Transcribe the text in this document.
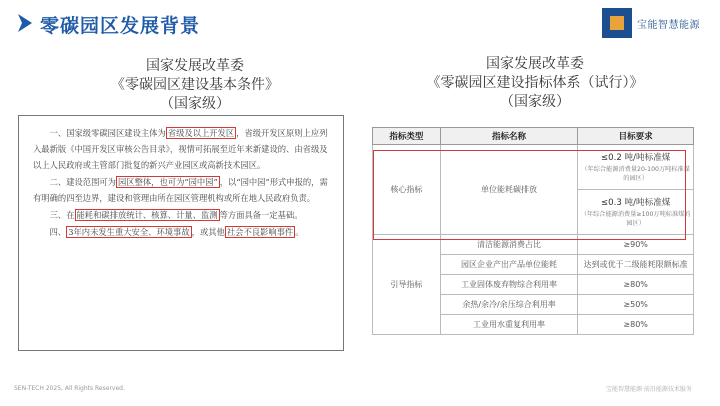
零碳园区发展背景	宝能智慧能源
国家发展改革委
《零碳园区建设基本条件》
（国家级）
一、国家级零碳园区建设主体为 省级及以上开发区 ，省级开发区原则上应列入最新版《中国开发区审核公告目录》，视情可拓展至近年来新建设的、由省级及以上人民政府或主管部门批复的新兴产业园区或高新技术园区。
二、建设范围可为 园区整体，也可为“园中园” ，以“园中园”形式申报的，需有明确的四至边界，建设和管理由所在园区管理机构或所在地人民政府负责。
三、在 能耗和碳排放统计、核算、计量、监测 等方面具备一定基础。
四、 3年内未发生重大安全、环境事故 ，或其他 社会不良影响事件 。
国家发展改革委
《零碳园区建设指标体系（试行）》
（国家级）
指标类型	指标名称	目标要求
核心指标	单位能耗碳排放	≤0.2 吨/吨标准煤
（年综合能源消费量20-100万吨标准煤的园区）

		≤0.3 吨/吨标准煤
（年综合能源消费量≥100万吨标准煤的园区）

引导指标	清洁能源消费占比	≥90%
	园区企业产出产品单位能耗	达到或优于二级能耗限额标准
	工业固体废弃物综合利用率	≥80%
	余热/余冷/余压综合利用率	≥50%
	工业用水重复利用率	≥80%
SEN-TECH 2025, All Rights Reserved.	宝能智慧能源·前沿能源技术服务
